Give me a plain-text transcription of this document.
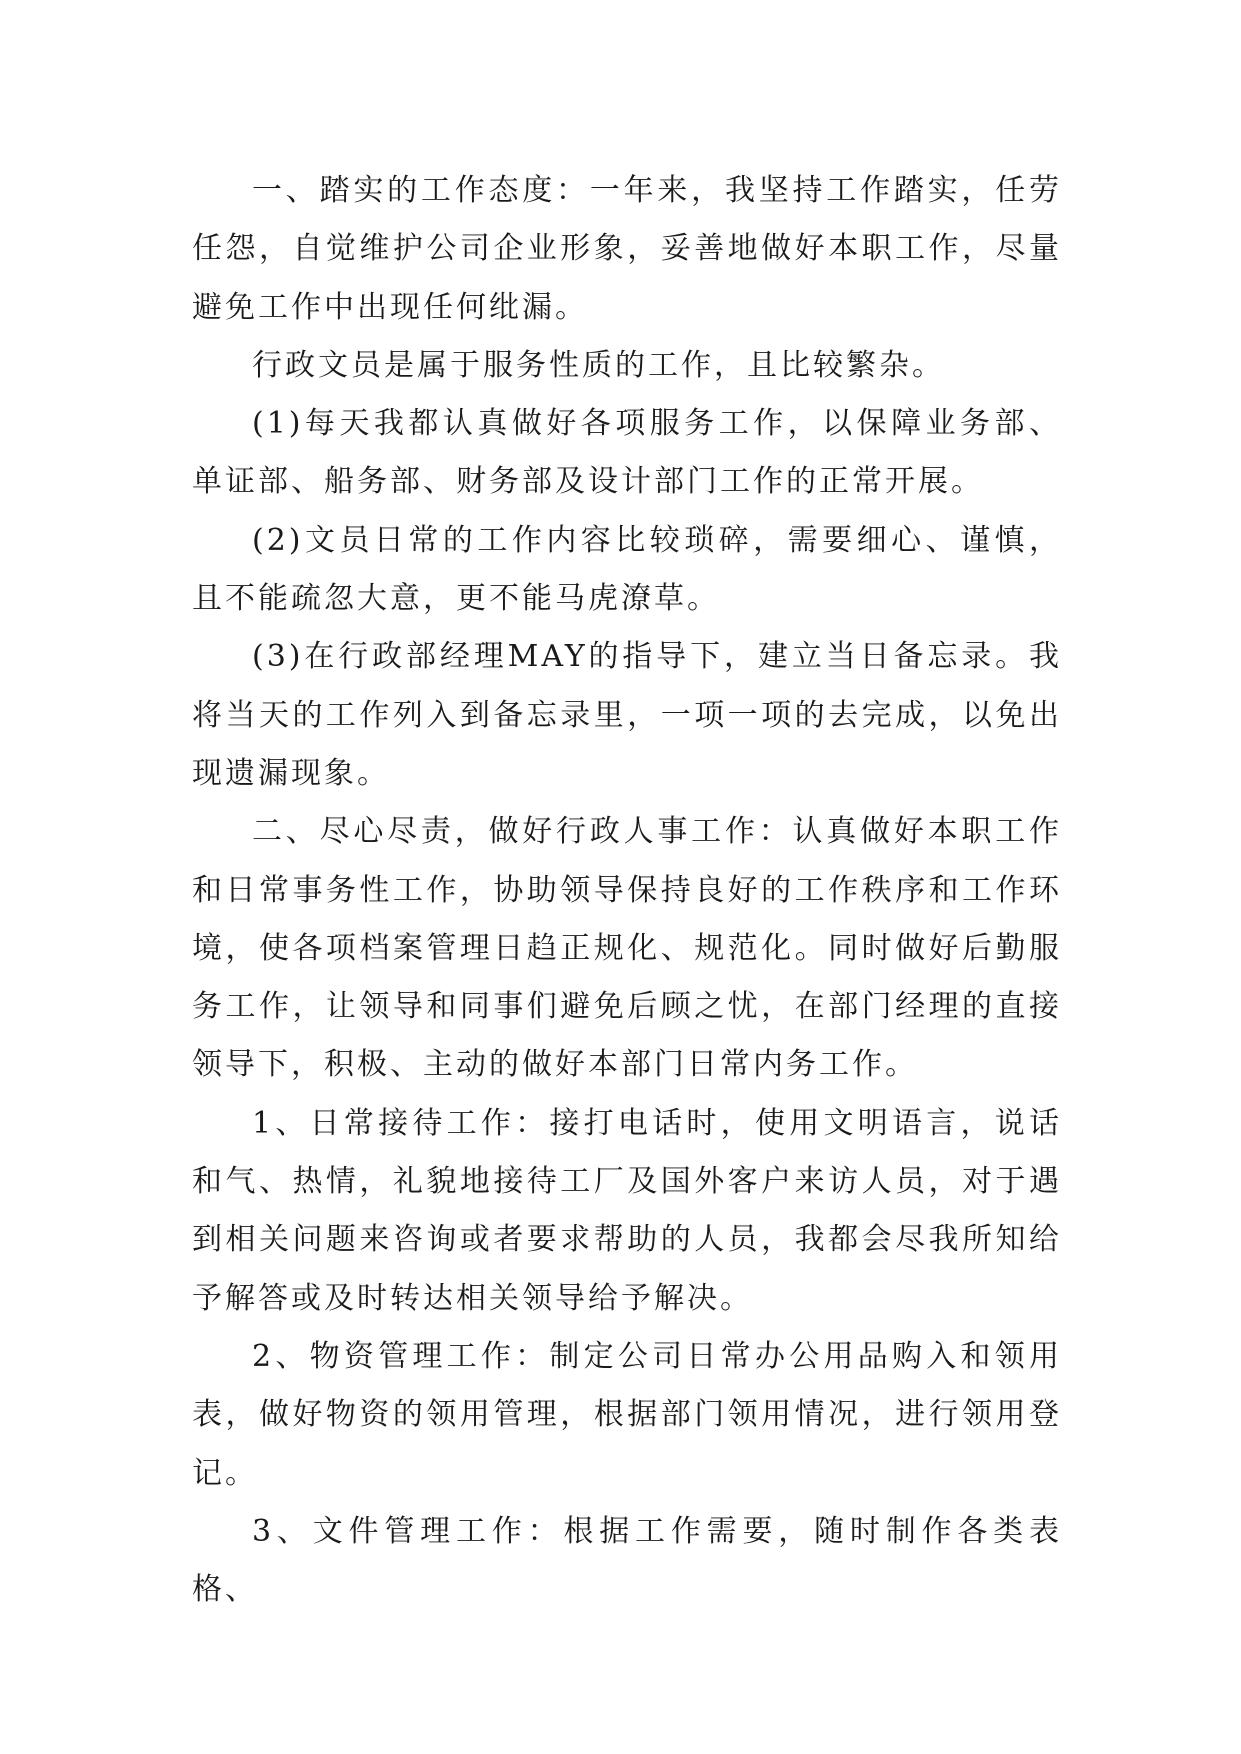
一、踏实的工作态度：一年来，我坚持工作踏实，任劳任怨，自觉维护公司企业形象，妥善地做好本职工作，尽量避免工作中出现任何纰漏。

行政文员是属于服务性质的工作，且比较繁杂。

(1)每天我都认真做好各项服务工作，以保障业务部、单证部、船务部、财务部及设计部门工作的正常开展。

(2)文员日常的工作内容比较琐碎，需要细心、谨慎，且不能疏忽大意，更不能马虎潦草。

(3)在行政部经理MAY的指导下，建立当日备忘录。我将当天的工作列入到备忘录里，一项一项的去完成，以免出现遗漏现象。

二、尽心尽责，做好行政人事工作：认真做好本职工作和日常事务性工作，协助领导保持良好的工作秩序和工作环境，使各项档案管理日趋正规化、规范化。同时做好后勤服务工作，让领导和同事们避免后顾之忧，在部门经理的直接领导下，积极、主动的做好本部门日常内务工作。

1、日常接待工作：接打电话时，使用文明语言，说话和气、热情，礼貌地接待工厂及国外客户来访人员，对于遇到相关问题来咨询或者要求帮助的人员，我都会尽我所知给予解答或及时转达相关领导给予解决。

2、物资管理工作：制定公司日常办公用品购入和领用表，做好物资的领用管理，根据部门领用情况，进行领用登记。

3、文件管理工作：根据工作需要，随时制作各类表格、
